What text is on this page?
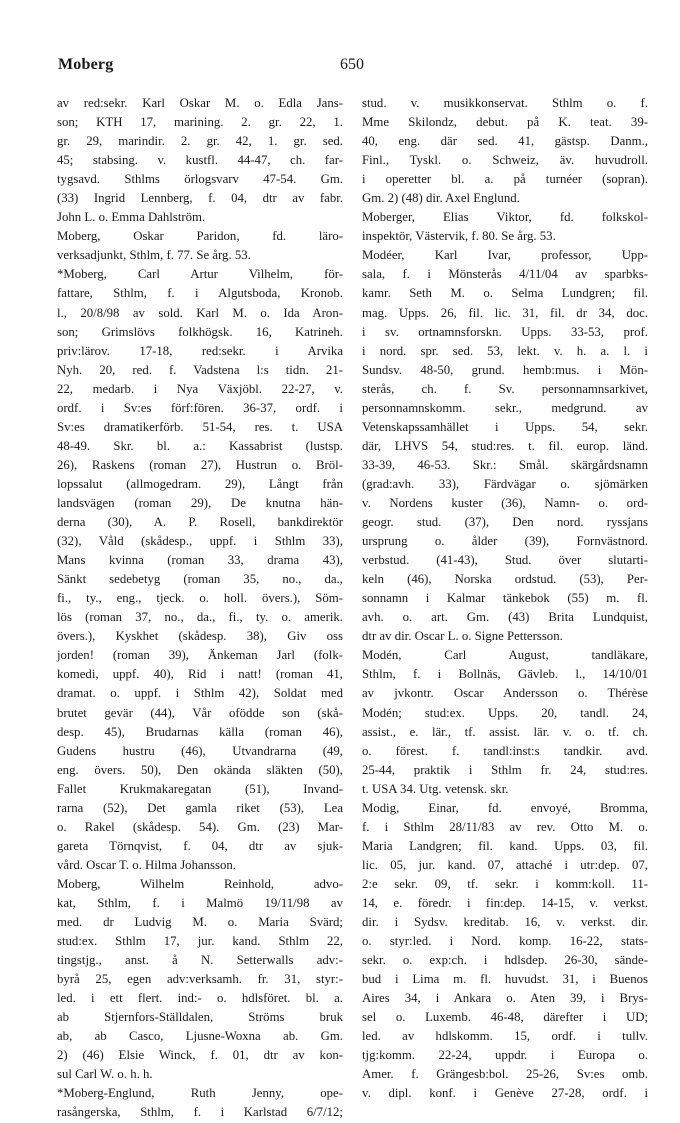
Moberg	650
av red:sekr. Karl Oskar M. o. Edla Jans-
son; KTH 17, marining. 2. gr. 22, 1.
gr. 29, marindir. 2. gr. 42, 1. gr. sed.
45; stabsing. v. kustfl. 44-47, ch. far-
tygsavd. Sthlms örlogsvarv 47-54. Gm.
(33) Ingrid Lennberg, f. 04, dtr av fabr.
John L. o. Emma Dahlström.
Moberg, Oskar Paridon, fd. läro-
verksadjunkt, Sthlm, f. 77. Se årg. 53.
*Moberg, Carl Artur Vilhelm, för-
fattare, Sthlm, f. i Algutsboda, Kronob.
l., 20/8/98 av sold. Karl M. o. Ida Aron-
son; Grimslövs folkhögsk. 16, Katrineh.
priv:lärov. 17-18, red:sekr. i Arvika
Nyh. 20, red. f. Vadstena l:s tidn. 21-
22, medarb. i Nya Växjöbl. 22-27, v.
ordf. i Sv:es förf:fören. 36-37, ordf. i
Sv:es dramatikerförb. 51-54, res. t. USA
48-49. Skr. bl. a.: Kassabrist (lustsp.
26), Raskens (roman 27), Hustrun o. Bröl-
lopssalut (allmogedram. 29), Långt från
landsvägen (roman 29), De knutna hän-
derna (30), A. P. Rosell, bankdirektör
(32), Våld (skådesp., uppf. i Sthlm 33),
Mans kvinna (roman 33, drama 43),
Sänkt sedebetyg (roman 35, no., da.,
fi., ty., eng., tjeck. o. holl. övers.), Söm-
lös (roman 37, no., da., fi., ty. o. amerik.
övers.), Kyskhet (skådesp. 38), Giv oss
jorden! (roman 39), Änkeman Jarl (folk-
komedi, uppf. 40), Rid i natt! (roman 41,
dramat. o. uppf. i Sthlm 42), Soldat med
brutet gevär (44), Vår ofödde son (skå-
desp. 45), Brudarnas källa (roman 46),
Gudens hustru (46), Utvandrarna (49,
eng. övers. 50), Den okända släkten (50),
Fallet Krukmakaregatan (51), Invand-
rarna (52), Det gamla riket (53), Lea
o. Rakel (skådesp. 54). Gm. (23) Mar-
gareta Törnqvist, f. 04, dtr av sjuk-
vård. Oscar T. o. Hilma Johansson.
Moberg, Wilhelm Reinhold, advo-
kat, Sthlm, f. i Malmö 19/11/98 av
med. dr Ludvig M. o. Maria Svärd;
stud:ex. Sthlm 17, jur. kand. Sthlm 22,
tingstjg., anst. å N. Setterwalls adv:-
byrå 25, egen adv:verksamh. fr. 31, styr:-
led. i ett flert. ind:- o. hdlsföret. bl. a.
ab Stjernfors-Ställdalen, Ströms bruk
ab, ab Casco, Ljusne-Woxna ab. Gm.
2) (46) Elsie Winck, f. 01, dtr av kon-
sul Carl W. o. h. h.
*Moberg-Englund, Ruth Jenny, ope-
rasångerska, Sthlm, f. i Karlstad 6/7/12;
stud. v. musikkonservat. Sthlm o. f.
Mme Skilondz, debut. på K. teat. 39-
40, eng. där sed. 41, gästsp. Danm.,
Finl., Tyskl. o. Schweiz, äv. huvudroll.
i operetter bl. a. på turnéer (sopran).
Gm. 2) (48) dir. Axel Englund.
Moberger, Elias Viktor, fd. folkskol-
inspektör, Västervik, f. 80. Se årg. 53.
Modéer, Karl Ivar, professor, Upp-
sala, f. i Mönsterås 4/11/04 av sparbks-
kamr. Seth M. o. Selma Lundgren; fil.
mag. Upps. 26, fil. lic. 31, fil. dr 34, doc.
i sv. ortnamnsforskn. Upps. 33-53, prof.
i nord. spr. sed. 53, lekt. v. h. a. l. i
Sundsv. 48-50, grund. hemb:mus. i Mön-
sterås, ch. f. Sv. personnamnsarkivet,
personnamnskomm. sekr., medgrund. av
Vetenskapssamhället i Upps. 54, sekr.
där, LHVS 54, stud:res. t. fil. europ. länd.
33-39, 46-53. Skr.: Smål. skärgårdsnamn
(grad:avh. 33), Färdvägar o. sjömärken
v. Nordens kuster (36), Namn- o. ord-
geogr. stud. (37), Den nord. ryssjans
ursprung o. ålder (39), Fornvästnord.
verbstud. (41-43), Stud. över slutarti-
keln (46), Norska ordstud. (53), Per-
sonnamn i Kalmar tänkebok (55) m. fl.
avh. o. art. Gm. (43) Brita Lundquist,
dtr av dir. Oscar L. o. Signe Pettersson.
Modén, Carl August, tandläkare,
Sthlm, f. i Bollnäs, Gävleb. l., 14/10/01
av jvkontr. Oscar Andersson o. Thérèse
Modén; stud:ex. Upps. 20, tandl. 24,
assist., e. lär., tf. assist. lär. v. o. tf. ch.
o. förest. f. tandl:inst:s tandkir. avd.
25-44, praktik i Sthlm fr. 24, stud:res.
t. USA 34. Utg. vetensk. skr.
Modig, Einar, fd. envoyé, Bromma,
f. i Sthlm 28/11/83 av rev. Otto M. o.
Maria Landgren; fil. kand. Upps. 03, fil.
lic. 05, jur. kand. 07, attaché i utr:dep. 07,
2:e sekr. 09, tf. sekr. i komm:koll. 11-
14, e. föredr. i fin:dep. 14-15, v. verkst.
dir. i Sydsv. kreditab. 16, v. verkst. dir.
o. styr:led. i Nord. komp. 16-22, stats-
sekr. o. exp:ch. i hdlsdep. 26-30, sände-
bud i Lima m. fl. huvudst. 31, i Buenos
Aires 34, i Ankara o. Aten 39, i Brys-
sel o. Luxemb. 46-48, därefter i UD;
led. av hdlskomm. 15, ordf. i tullv.
tjg:komm. 22-24, uppdr. i Europa o.
Amer. f. Grängesb:bol. 25-26, Sv:es omb.
v. dipl. konf. i Genève 27-28, ordf. i
